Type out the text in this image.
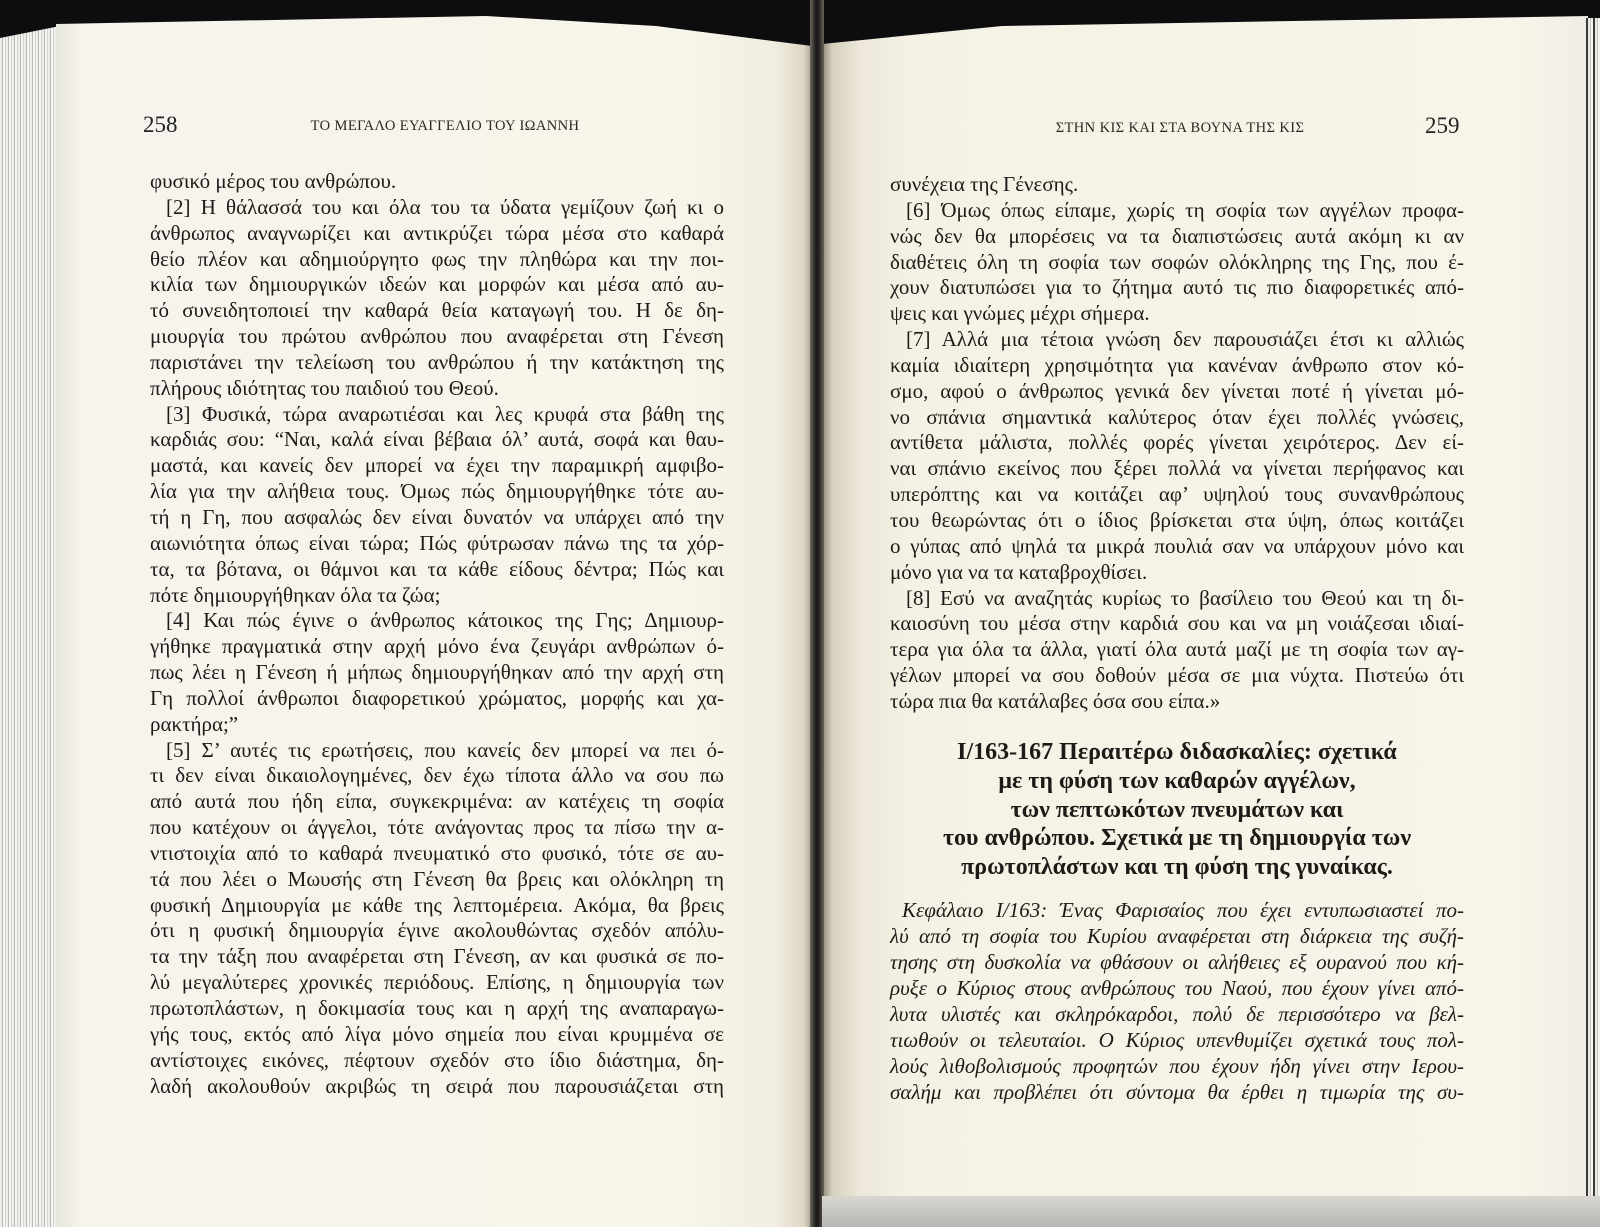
258	ΤΟ ΜΕΓΑΛΟ ΕΥΑΓΓΕΛΙΟ ΤΟΥ ΙΩΑΝΝΗ	ΣΤΗΝ ΚΙΣ ΚΑΙ ΣΤΑ ΒΟΥΝΑ ΤΗΣ ΚΙΣ	259
φυσικό μέρος του ανθρώπου.
[2] Η θάλασσά του και όλα του τα ύδατα γεμίζουν ζωή κι ο
άνθρωπος αναγνωρίζει και αντικρύζει τώρα μέσα στο καθαρά
θείο πλέον και αδημιούργητο φως την πληθώρα και την ποι-
κιλία των δημιουργικών ιδεών και μορφών και μέσα από αυ-
τό συνειδητοποιεί την καθαρά θεία καταγωγή του. Η δε δη-
μιουργία του πρώτου ανθρώπου που αναφέρεται στη Γένεση
παριστάνει την τελείωση του ανθρώπου ή την κατάκτηση της
πλήρους ιδιότητας του παιδιού του Θεού.
[3] Φυσικά, τώρα αναρωτιέσαι και λες κρυφά στα βάθη της
καρδιάς σου: “Ναι, καλά είναι βέβαια όλ’ αυτά, σοφά και θαυ-
μαστά, και κανείς δεν μπορεί να έχει την παραμικρή αμφιβο-
λία για την αλήθεια τους. Όμως πώς δημιουργήθηκε τότε αυ-
τή η Γη, που ασφαλώς δεν είναι δυνατόν να υπάρχει από την
αιωνιότητα όπως είναι τώρα; Πώς φύτρωσαν πάνω της τα χόρ-
τα, τα βότανα, οι θάμνοι και τα κάθε είδους δέντρα; Πώς και
πότε δημιουργήθηκαν όλα τα ζώα;
[4] Και πώς έγινε ο άνθρωπος κάτοικος της Γης; Δημιουρ-
γήθηκε πραγματικά στην αρχή μόνο ένα ζευγάρι ανθρώπων ό-
πως λέει η Γένεση ή μήπως δημιουργήθηκαν από την αρχή στη
Γη πολλοί άνθρωποι διαφορετικού χρώματος, μορφής και χα-
ρακτήρα;”
[5] Σ’ αυτές τις ερωτήσεις, που κανείς δεν μπορεί να πει ό-
τι δεν είναι δικαιολογημένες, δεν έχω τίποτα άλλο να σου πω
από αυτά που ήδη είπα, συγκεκριμένα: αν κατέχεις τη σοφία
που κατέχουν οι άγγελοι, τότε ανάγοντας προς τα πίσω την α-
ντιστοιχία από το καθαρά πνευματικό στο φυσικό, τότε σε αυ-
τά που λέει ο Μωυσής στη Γένεση θα βρεις και ολόκληρη τη
φυσική Δημιουργία με κάθε της λεπτομέρεια. Ακόμα, θα βρεις
ότι η φυσική δημιουργία έγινε ακολουθώντας σχεδόν απόλυ-
τα την τάξη που αναφέρεται στη Γένεση, αν και φυσικά σε πο-
λύ μεγαλύτερες χρονικές περιόδους. Επίσης, η δημιουργία των
πρωτοπλάστων, η δοκιμασία τους και η αρχή της αναπαραγω-
γής τους, εκτός από λίγα μόνο σημεία που είναι κρυμμένα σε
αντίστοιχες εικόνες, πέφτουν σχεδόν στο ίδιο διάστημα, δη-
λαδή ακολουθούν ακριβώς τη σειρά που παρουσιάζεται στη
συνέχεια της Γένεσης.
[6] Όμως όπως είπαμε, χωρίς τη σοφία των αγγέλων προφα-
νώς δεν θα μπορέσεις να τα διαπιστώσεις αυτά ακόμη κι αν
διαθέτεις όλη τη σοφία των σοφών ολόκληρης της Γης, που έ-
χουν διατυπώσει για το ζήτημα αυτό τις πιο διαφορετικές από-
ψεις και γνώμες μέχρι σήμερα.
[7] Αλλά μια τέτοια γνώση δεν παρουσιάζει έτσι κι αλλιώς
καμία ιδιαίτερη χρησιμότητα για κανέναν άνθρωπο στον κό-
σμο, αφού ο άνθρωπος γενικά δεν γίνεται ποτέ ή γίνεται μό-
νο σπάνια σημαντικά καλύτερος όταν έχει πολλές γνώσεις,
αντίθετα μάλιστα, πολλές φορές γίνεται χειρότερος. Δεν εί-
ναι σπάνιο εκείνος που ξέρει πολλά να γίνεται περήφανος και
υπερόπτης και να κοιτάζει αφ’ υψηλού τους συνανθρώπους
του θεωρώντας ότι ο ίδιος βρίσκεται στα ύψη, όπως κοιτάζει
ο γύπας από ψηλά τα μικρά πουλιά σαν να υπάρχουν μόνο και
μόνο για να τα καταβροχθίσει.
[8] Εσύ να αναζητάς κυρίως το βασίλειο του Θεού και τη δι-
καιοσύνη του μέσα στην καρδιά σου και να μη νοιάζεσαι ιδιαί-
τερα για όλα τα άλλα, γιατί όλα αυτά μαζί με τη σοφία των αγ-
γέλων μπορεί να σου δοθούν μέσα σε μια νύχτα. Πιστεύω ότι
τώρα πια θα κατάλαβες όσα σου είπα.»
I/163-167 Περαιτέρω διδασκαλίες: σχετικά
με τη φύση των καθαρών αγγέλων,
των πεπτωκότων πνευμάτων και
του ανθρώπου. Σχετικά με τη δημιουργία των
πρωτοπλάστων και τη φύση της γυναίκας.
Κεφάλαιο I/163: Ένας Φαρισαίος που έχει εντυπωσιαστεί πο-
λύ από τη σοφία του Κυρίου αναφέρεται στη διάρκεια της συζή-
τησης στη δυσκολία να φθάσουν οι αλήθειες εξ ουρανού που κή-
ρυξε ο Κύριος στους ανθρώπους του Ναού, που έχουν γίνει από-
λυτα υλιστές και σκληρόκαρδοι, πολύ δε περισσότερο να βελ-
τιωθούν οι τελευταίοι. Ο Κύριος υπενθυμίζει σχετικά τους πολ-
λούς λιθοβολισμούς προφητών που έχουν ήδη γίνει στην Ιερου-
σαλήμ και προβλέπει ότι σύντομα θα έρθει η τιμωρία της συ-
